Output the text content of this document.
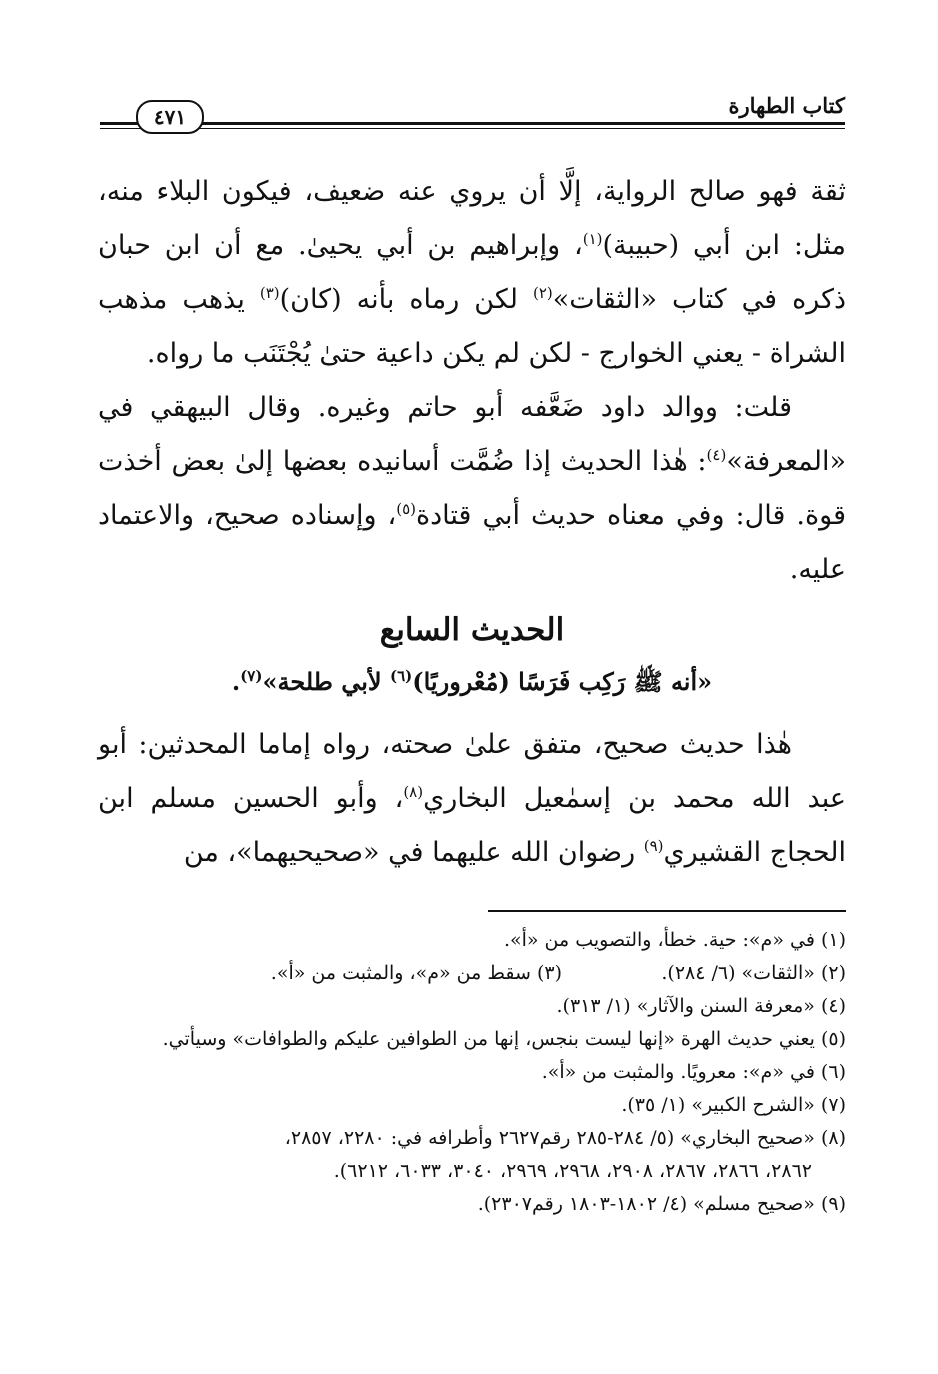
كتاب الطهارة
٤٧١

ثقة فهو صالح الرواية، إلَّا أن يروي عنه ضعيف، فيكون البلاء منه، مثل: ابن أبي (حبيبة)$^{(١)}$، وإبراهيم بن أبي يحيىٰ. مع أن ابن حبان ذكره في كتاب «الثقات»$^{(٢)}$ لكن رماه بأنه (كان)$^{(٣)}$ يذهب مذهب الشراة - يعني الخوارج - لكن لم يكن داعية حتىٰ يُجْتَنَب ما رواه.

قلت: ووالد داود ضَعَّفه أبو حاتم وغيره. وقال البيهقي في «المعرفة»$^{(٤)}$: هٰذا الحديث إذا ضُمَّت أسانيده بعضها إلىٰ بعض أخذت قوة. قال: وفي معناه حديث أبي قتادة$^{(٥)}$، وإسناده صحيح، والاعتماد عليه.

الحديث السابع
«أنه ﷺ رَكِب فَرَسًا (مُعْروريًا)$^{(٦)}$ لأبي طلحة»$^{(٧)}$.

هٰذا حديث صحيح، متفق علىٰ صحته، رواه إماما المحدثين: أبو عبد الله محمد بن إسمٰعيل البخاري$^{(٨)}$، وأبو الحسين مسلم ابن الحجاج القشيري$^{(٩)}$ رضوان الله عليهما في «صحيحيهما»، من

(١) في «م»: حية. خطأ، والتصويب من «أ».

(٢) «الثقات» (٦/ ٢٨٤).

(٣) سقط من «م»، والمثبت من «أ».

(٤) «معرفة السنن والآثار» (١/ ٣١٣).

(٥) يعني حديث الهرة «إنها ليست بنجس، إنها من الطوافين عليكم والطوافات» وسيأتي.

(٦) في «م»: معرويًا. والمثبت من «أ».

(٧) «الشرح الكبير» (١/ ٣٥).

(٨) «صحيح البخاري» (٥/ ٢٨٤-٢٨٥ رقم٢٦٢٧ وأطرافه في: ٢٢٨٠، ٢٨٥٧،

٢٨٦٢، ٢٨٦٦، ٢٨٦٧، ٢٩٠٨، ٢٩٦٨، ٢٩٦٩، ٣٠٤٠، ٦٠٣٣، ٦٢١٢).

(٩) «صحيح مسلم» (٤/ ١٨٠٢-١٨٠٣ رقم٢٣٠٧).
